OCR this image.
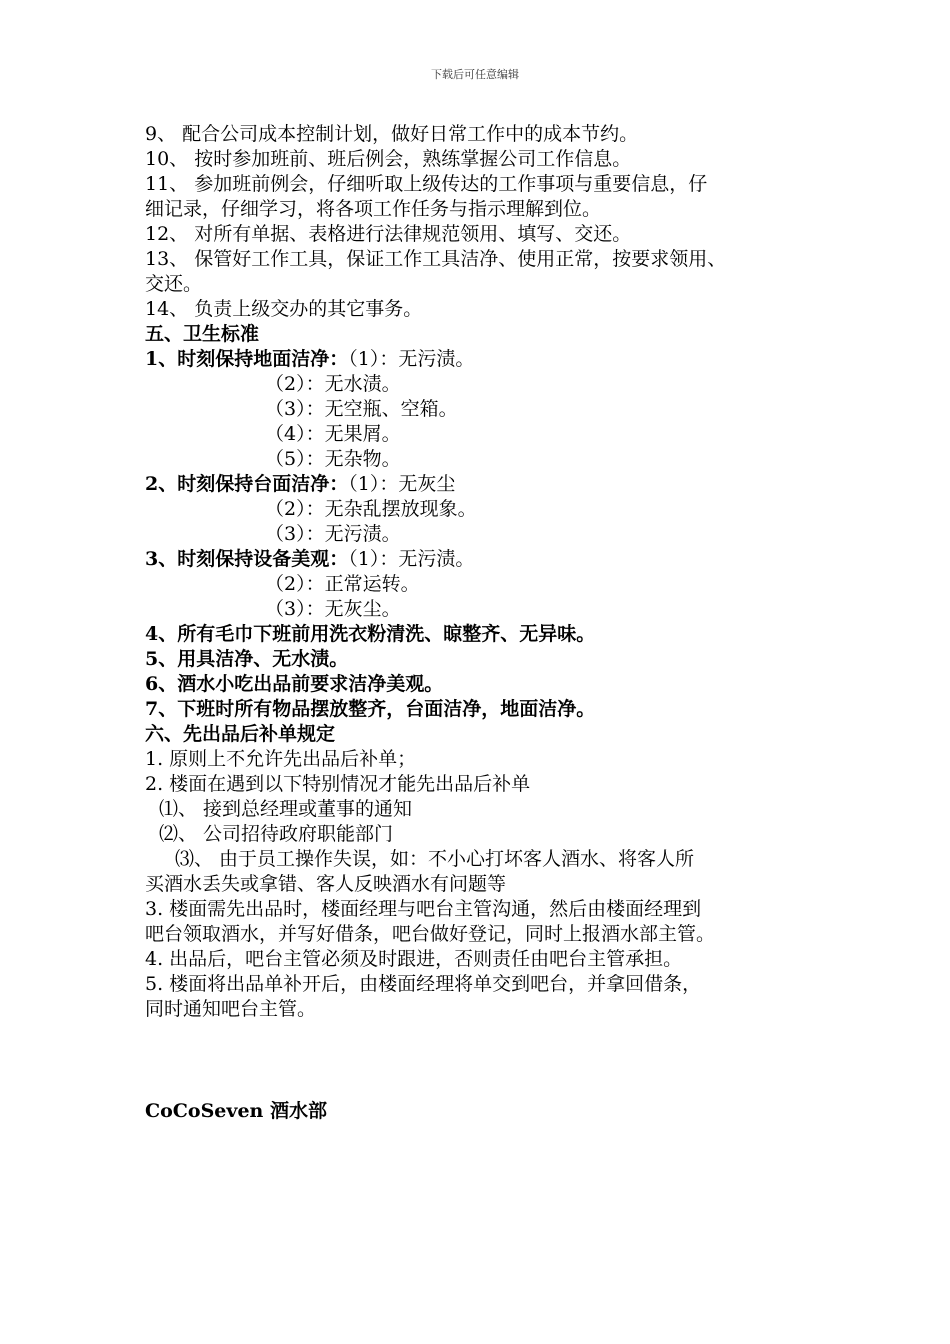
下载后可任意编辑
9、 配合公司成本控制计划，做好日常工作中的成本节约。
10、 按时参加班前、班后例会，熟练掌握公司工作信息。
11、 参加班前例会，仔细听取上级传达的工作事项与重要信息，仔
细记录，仔细学习，将各项工作任务与指示理解到位。
12、 对所有单据、表格进行法律规范领用、填写、交还。
13、 保管好工作工具，保证工作工具洁净、使用正常，按要求领用、
交还。
14、 负责上级交办的其它事务。
五、卫生标准
1、时刻保持地面洁净：（1）：无污渍。
（2）：无水渍。
（3）：无空瓶、空箱。
（4）：无果屑。
（5）：无杂物。
2、时刻保持台面洁净：（1）：无灰尘
（2）：无杂乱摆放现象。
（3）：无污渍。
3、时刻保持设备美观：（1）：无污渍。
（2）：正常运转。
（3）：无灰尘。
4、所有毛巾下班前用洗衣粉清洗、晾整齐、无异味。
5、用具洁净、无水渍。
6、酒水小吃出品前要求洁净美观。
7、下班时所有物品摆放整齐，台面洁净，地面洁净。
六、先出品后补单规定
1. 原则上不允许先出品后补单；
2. 楼面在遇到以下特别情况才能先出品后补单
⑴、 接到总经理或董事的通知
⑵、 公司招待政府职能部门
⑶、 由于员工操作失误，如：不小心打坏客人酒水、将客人所
买酒水丢失或拿错、客人反映酒水有问题等
3. 楼面需先出品时，楼面经理与吧台主管沟通，然后由楼面经理到
吧台领取酒水，并写好借条，吧台做好登记，同时上报酒水部主管。
4. 出品后，吧台主管必须及时跟进，否则责任由吧台主管承担。
5. 楼面将出品单补开后，由楼面经理将单交到吧台，并拿回借条，
同时通知吧台主管。
CoCoSeven 酒水部
